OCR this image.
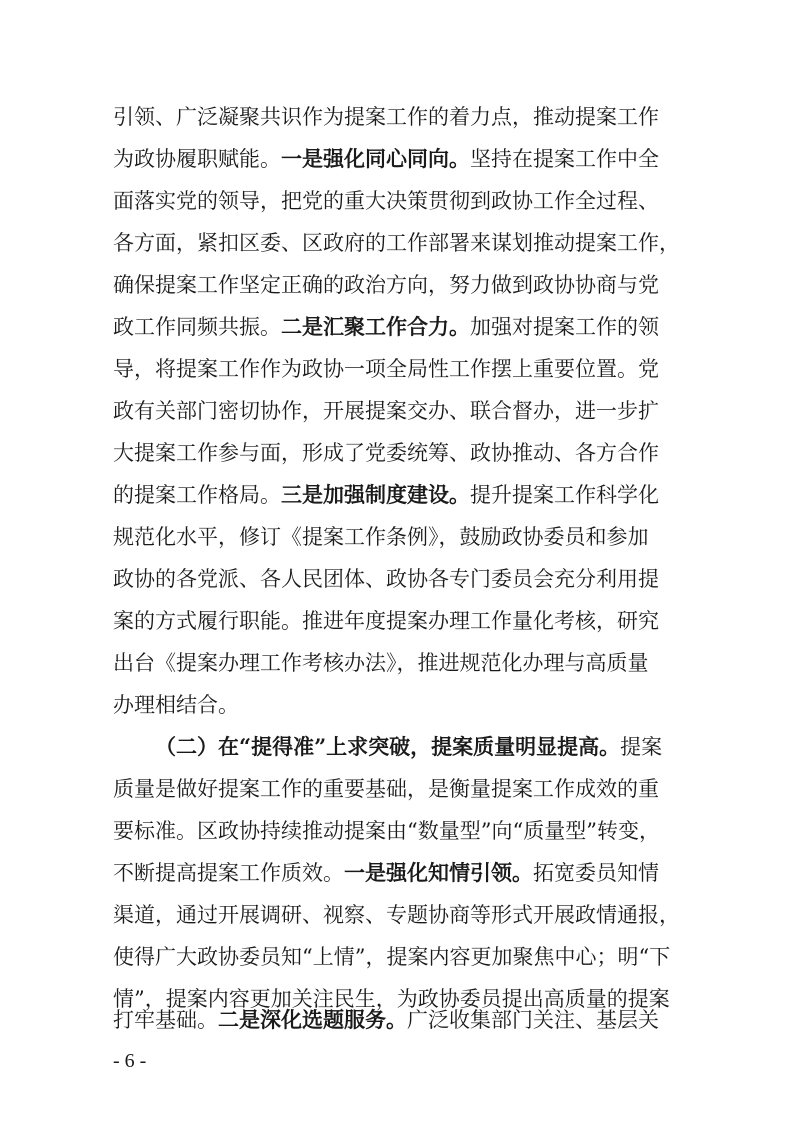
引领、广泛凝聚共识作为提案工作的着力点，推动提案工作
为政协履职赋能。一是强化同心同向。坚持在提案工作中全
面落实党的领导，把党的重大决策贯彻到政协工作全过程、
各方面，紧扣区委、区政府的工作部署来谋划推动提案工作，
确保提案工作坚定正确的政治方向，努力做到政协协商与党
政工作同频共振。二是汇聚工作合力。加强对提案工作的领
导，将提案工作作为政协一项全局性工作摆上重要位置。党
政有关部门密切协作，开展提案交办、联合督办，进一步扩
大提案工作参与面，形成了党委统筹、政协推动、各方合作
的提案工作格局。三是加强制度建设。提升提案工作科学化
规范化水平，修订《提案工作条例》，鼓励政协委员和参加
政协的各党派、各人民团体、政协各专门委员会充分利用提
案的方式履行职能。推进年度提案办理工作量化考核，研究
出台《提案办理工作考核办法》，推进规范化办理与高质量
办理相结合。
（二）在“提得准”上求突破，提案质量明显提高。提案
质量是做好提案工作的重要基础，是衡量提案工作成效的重
要标准。区政协持续推动提案由“数量型”向“质量型”转变，
不断提高提案工作质效。一是强化知情引领。拓宽委员知情
渠道，通过开展调研、视察、专题协商等形式开展政情通报，
使得广大政协委员知“上情”，提案内容更加聚焦中心；明“下
情”，提案内容更加关注民生，为政协委员提出高质量的提案
打牢基础。二是深化选题服务。广泛收集部门关注、基层关
- 6 -
